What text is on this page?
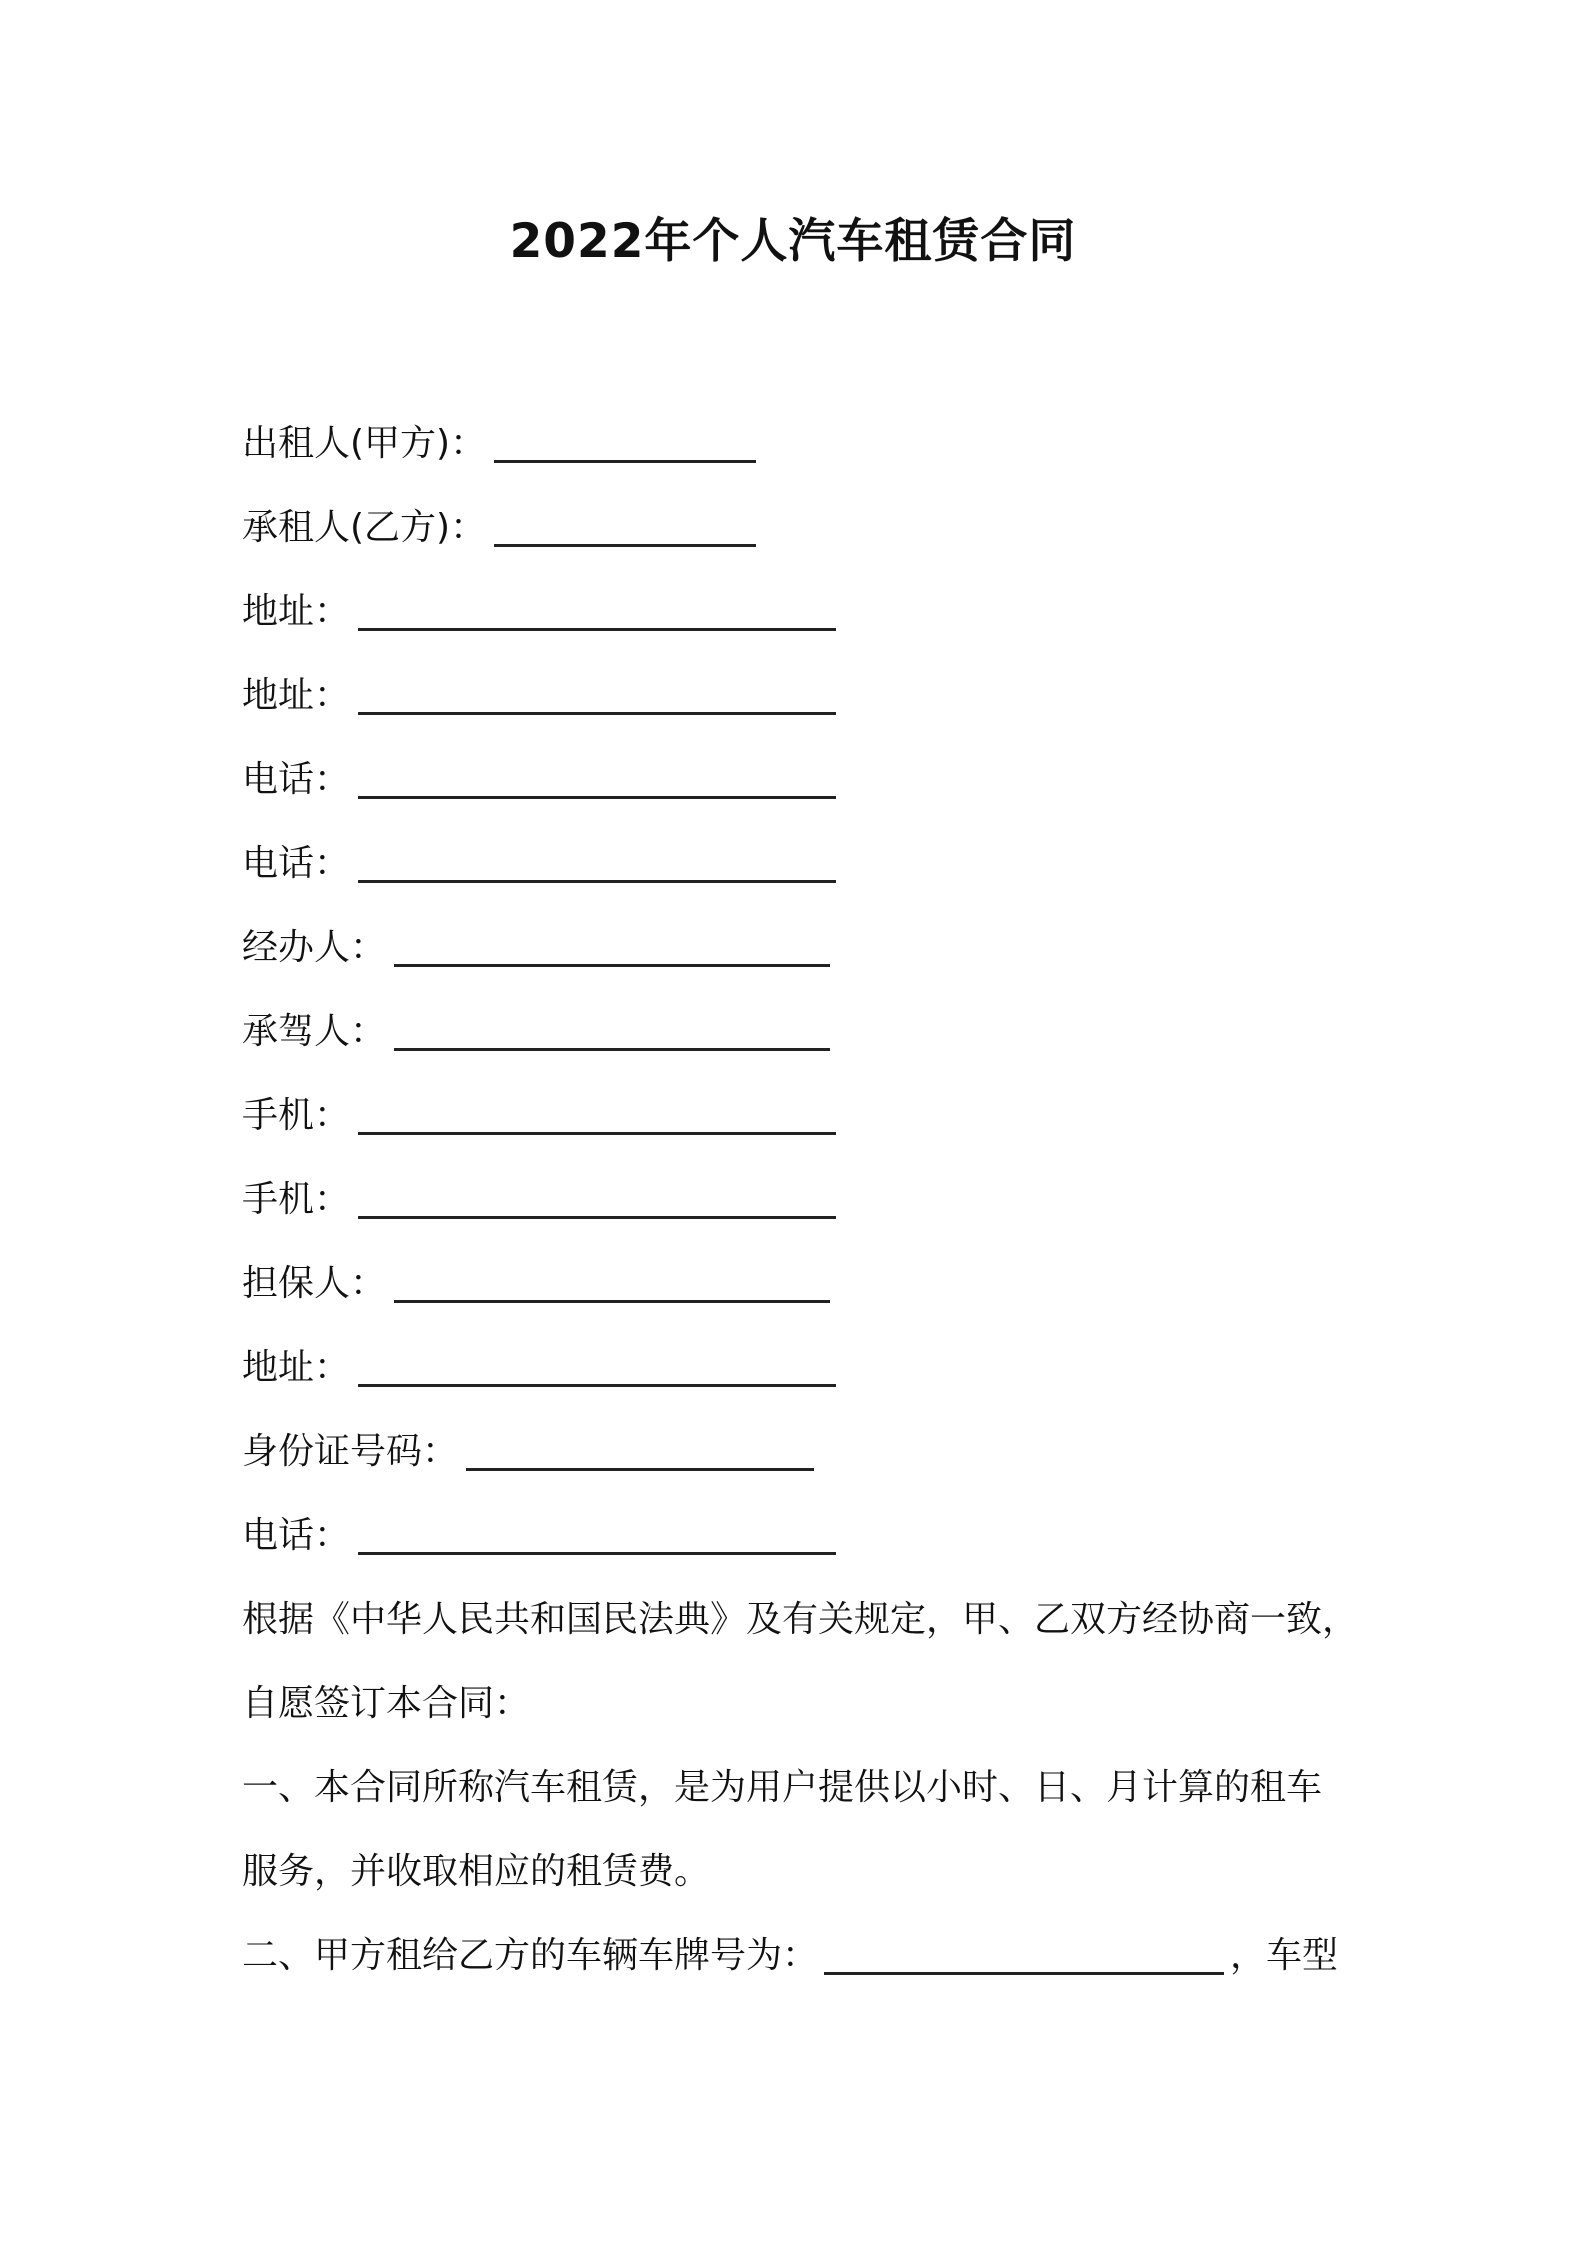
2022年个人汽车租赁合同
出租人(甲方)：
承租人(乙方)：
地址：
地址：
电话：
电话：
经办人：
承驾人：
手机：
手机：
担保人：
地址：
身份证号码：
电话：
根据《中华人民共和国民法典》及有关规定，甲、乙双方经协商一致，
自愿签订本合同：
一、本合同所称汽车租赁，是为用户提供以小时、日、月计算的租车
服务，并收取相应的租赁费。
二、甲方租给乙方的车辆车牌号为：	，车型
